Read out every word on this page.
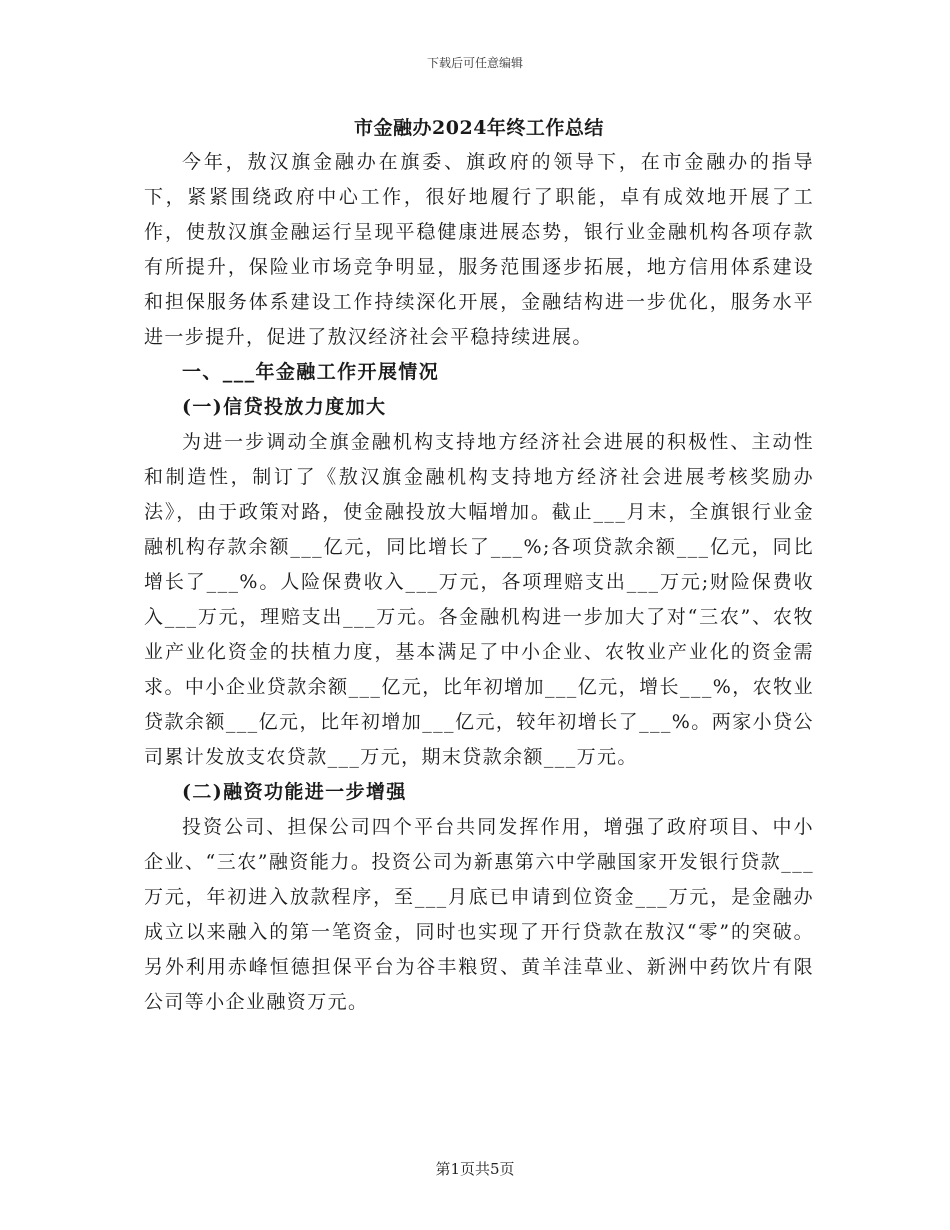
下载后可任意编辑
市金融办2024年终工作总结

今年，敖汉旗金融办在旗委、旗政府的领导下，在市金融办的指导下，紧紧围绕政府中心工作，很好地履行了职能，卓有成效地开展了工作，使敖汉旗金融运行呈现平稳健康进展态势，银行业金融机构各项存款有所提升，保险业市场竞争明显，服务范围逐步拓展，地方信用体系建设和担保服务体系建设工作持续深化开展，金融结构进一步优化，服务水平进一步提升，促进了敖汉经济社会平稳持续进展。

一、___年金融工作开展情况

(一)信贷投放力度加大

为进一步调动全旗金融机构支持地方经济社会进展的积极性、主动性和制造性，制订了《敖汉旗金融机构支持地方经济社会进展考核奖励办法》，由于政策对路，使金融投放大幅增加。截止___月末，全旗银行业金融机构存款余额___亿元，同比增长了___%;各项贷款余额___亿元，同比增长了___%。人险保费收入___万元，各项理赔支出___万元;财险保费收入___万元，理赔支出___万元。各金融机构进一步加大了对“三农”、农牧业产业化资金的扶植力度，基本满足了中小企业、农牧业产业化的资金需求。中小企业贷款余额___亿元，比年初增加___亿元，增长___%，农牧业贷款余额___亿元，比年初增加___亿元，较年初增长了___%。两家小贷公司累计发放支农贷款___万元，期末贷款余额___万元。

(二)融资功能进一步增强

投资公司、担保公司四个平台共同发挥作用，增强了政府项目、中小企业、“三农”融资能力。投资公司为新惠第六中学融国家开发银行贷款___万元，年初进入放款程序，至___月底已申请到位资金___万元，是金融办成立以来融入的第一笔资金，同时也实现了开行贷款在敖汉“零”的突破。另外利用赤峰恒德担保平台为谷丰粮贸、黄羊洼草业、新洲中药饮片有限公司等小企业融资万元。

第1页共5页
